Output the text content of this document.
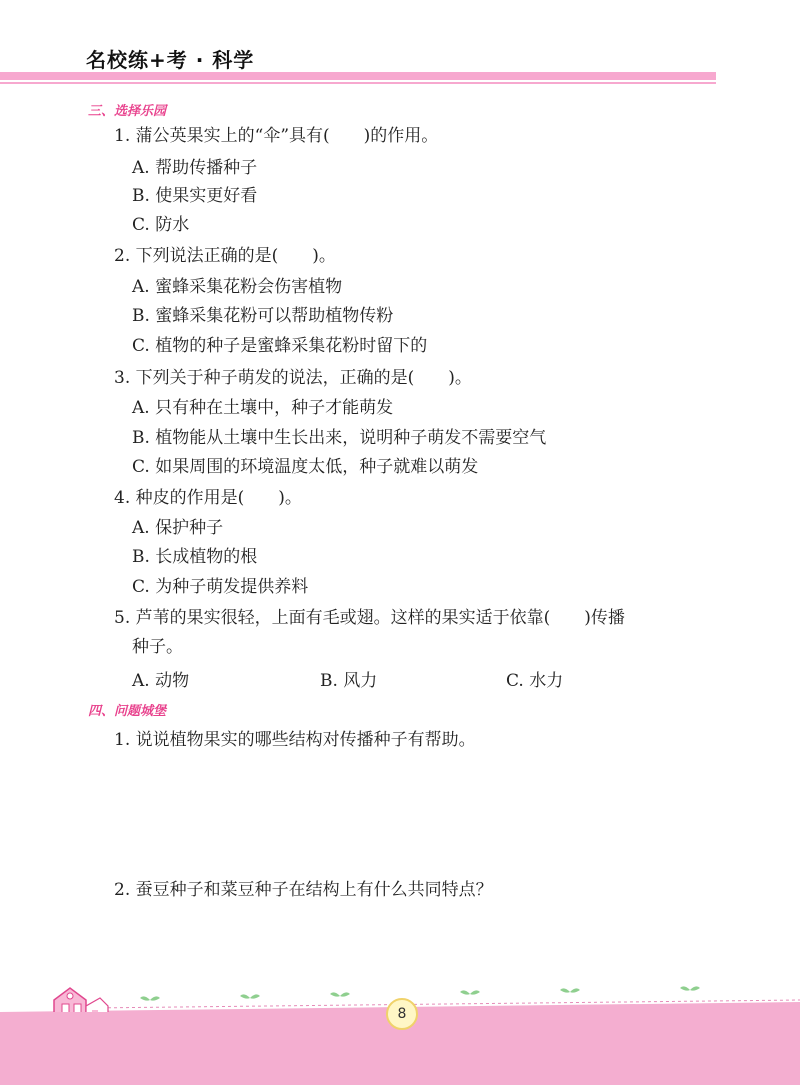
名校练+考 · 科学
三、选择乐园
1. 蒲公英果实上的“伞”具有(　　)的作用。
A. 帮助传播种子
B. 使果实更好看
C. 防水
2. 下列说法正确的是(　　)。
A. 蜜蜂采集花粉会伤害植物
B. 蜜蜂采集花粉可以帮助植物传粉
C. 植物的种子是蜜蜂采集花粉时留下的
3. 下列关于种子萌发的说法，正确的是(　　)。
A. 只有种在土壤中，种子才能萌发
B. 植物能从土壤中生长出来，说明种子萌发不需要空气
C. 如果周围的环境温度太低，种子就难以萌发
4. 种皮的作用是(　　)。
A. 保护种子
B. 长成植物的根
C. 为种子萌发提供养料
5. 芦苇的果实很轻，上面有毛或翅。这样的果实适于依靠(　　)传播
种子。
A. 动物	B. 风力	C. 水力
四、问题城堡
1. 说说植物果实的哪些结构对传播种子有帮助。
2. 蚕豆种子和菜豆种子在结构上有什么共同特点？
8
